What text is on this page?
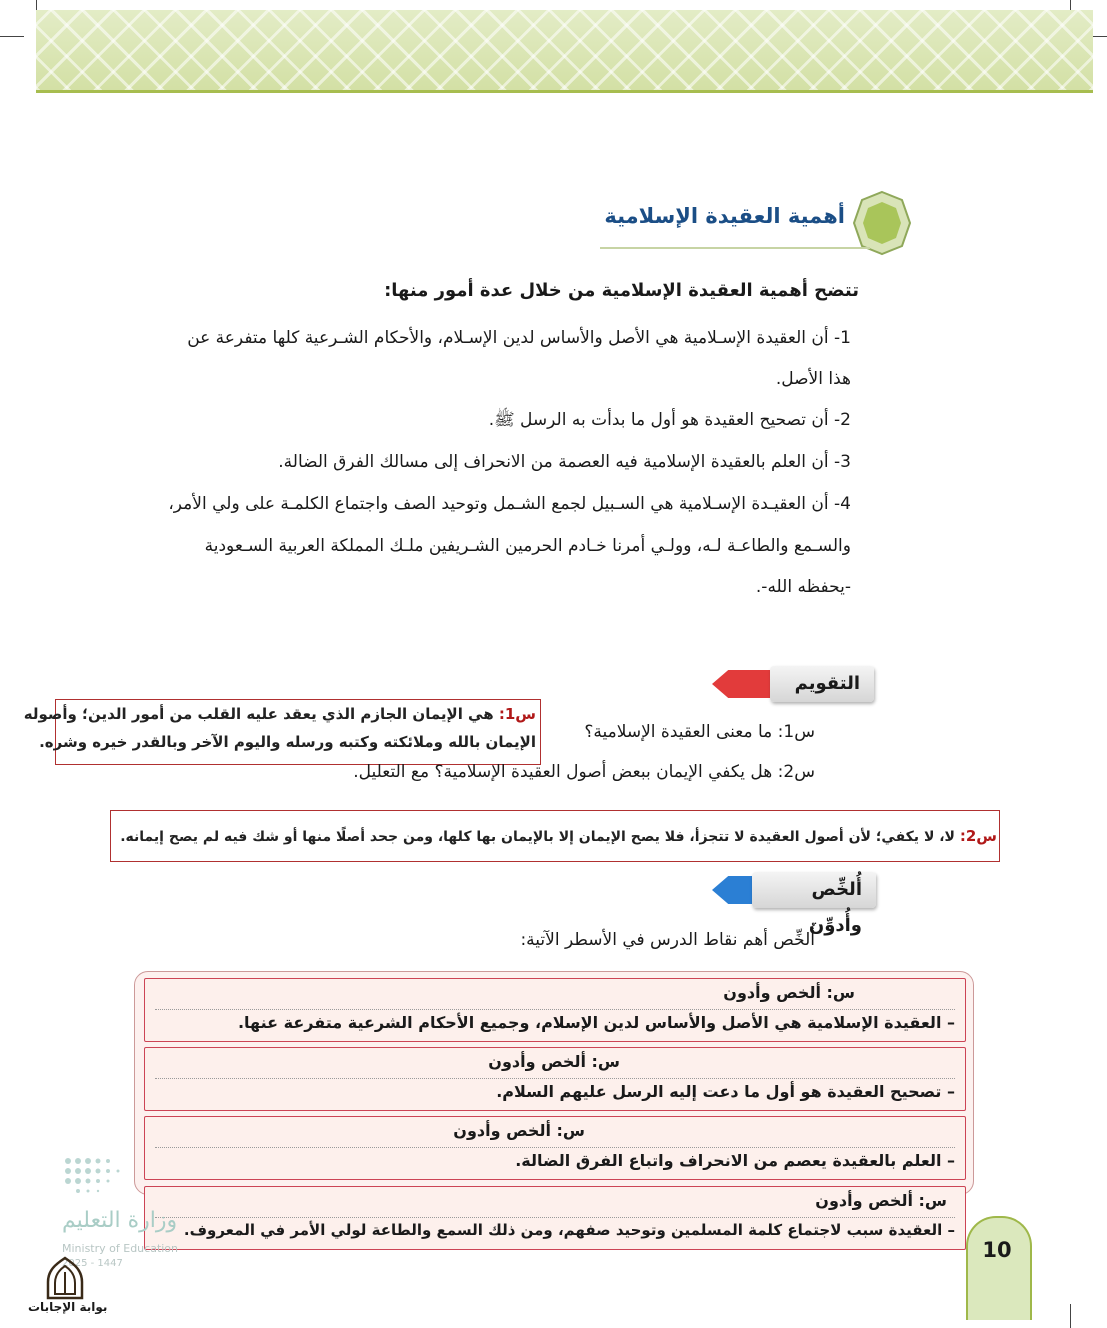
أهمية العقيدة الإسلامية
تتضح أهمية العقيدة الإسلامية من خلال عدة أمور منها:
1- أن العقيدة الإسـلامية هي الأصل والأساس لدين الإسـلام، والأحكام الشـرعية كلها متفرعة عن
هذا الأصل.
2- أن تصحيح العقيدة هو أول ما بدأت به الرسل ﷺ.
3- أن العلم بالعقيدة الإسلامية فيه العصمة من الانحراف إلى مسالك الفرق الضالة.
4- أن العقيـدة الإسـلامية هي السـبيل لجمع الشـمل وتوحيد الصف واجتماع الكلمـة على ولي الأمر،
والسـمع والطاعـة لـه، وولـي أمرنا خـادم الحرمين الشـريفين ملـك المملكة العربية السـعودية
-يحفظه الله-.
التقويم
س1: هي الإيمان الجازم الذي يعقد عليه القلب من أمور الدين؛ وأصوله
الإيمان بالله وملائكته وكتبه ورسله واليوم الآخر وبالقدر خيره وشره.	س1: ما معنى العقيدة الإسلامية؟
س2: هل يكفي الإيمان ببعض أصول العقيدة الإسلامية؟ مع التعليل.
س2: لا، لا يكفي؛ لأن أصول العقيدة لا تتجزأ، فلا يصح الإيمان إلا بالإيمان بها كلها، ومن جحد أصلًا منها أو شك فيه لم يصح إيمانه.
أُلخِّص وأُدوِّن
أُلخِّص أهم نقاط الدرس في الأسطر الآتية:
س: ألخص وأدون
– العقيدة الإسلامية هي الأصل والأساس لدين الإسلام، وجميع الأحكام الشرعية متفرعة عنها.
س: ألخص وأدون
– تصحيح العقيدة هو أول ما دعت إليه الرسل عليهم السلام.
س: ألخص وأدون
– العلم بالعقيدة يعصم من الانحراف واتباع الفرق الضالة.
س: ألخص وأدون
– العقيدة سبب لاجتماع كلمة المسلمين وتوحيد صفهم، ومن ذلك السمع والطاعة لولي الأمر في المعروف.
وزارة التعليم
Ministry of Education
2025 - 1447
بوابة الإجابات
10
